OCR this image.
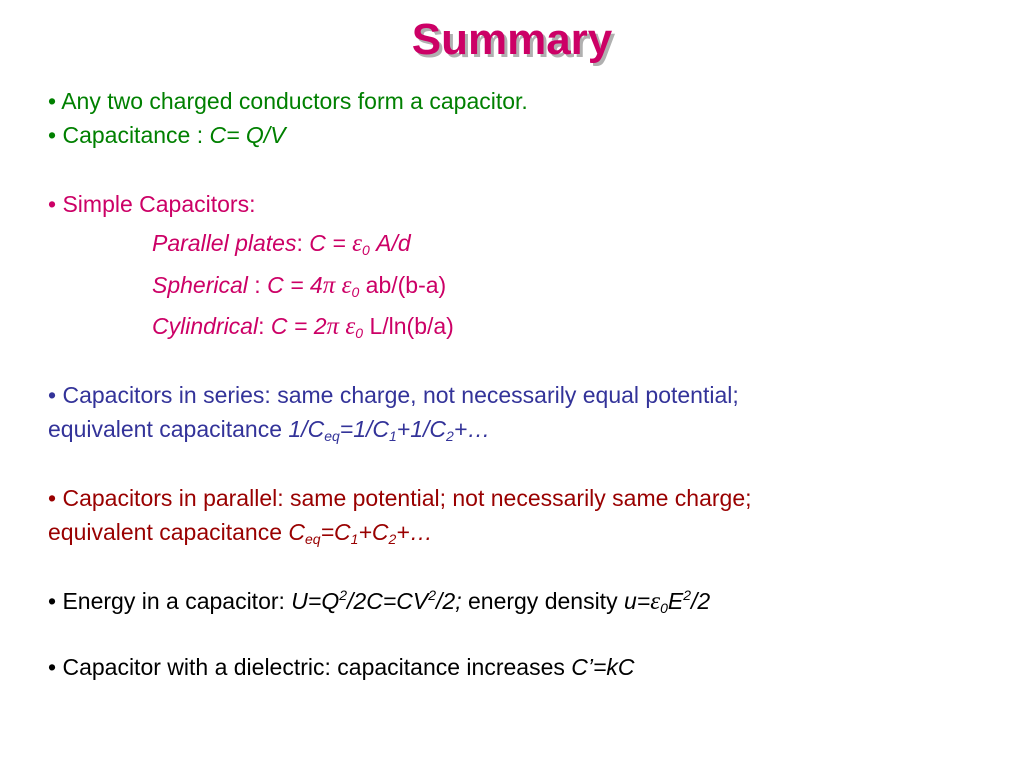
Summary
• Any two charged conductors form a capacitor.
• Capacitance : C= Q/V
• Simple Capacitors:
Parallel plates: $C = \varepsilon_0$ A/d
Spherical : C = 4π $\varepsilon_0$ ab/(b-a)
Cylindrical: C = 2π $\varepsilon_0$ L/ln(b/a)
• Capacitors in series: same charge, not necessarily equal potential;
equivalent capacitance $1/C_{eq}=1/C_1+1/C_2+\dots$
• Capacitors in parallel: same potential; not necessarily same charge;
equivalent capacitance $C_{eq}=C_1+C_2+\dots$
• Energy in a capacitor: $U=Q^2/2C=CV^2/2$; energy density $u=\varepsilon_0E^2/2$
• Capacitor with a dielectric: capacitance increases C’=kC
